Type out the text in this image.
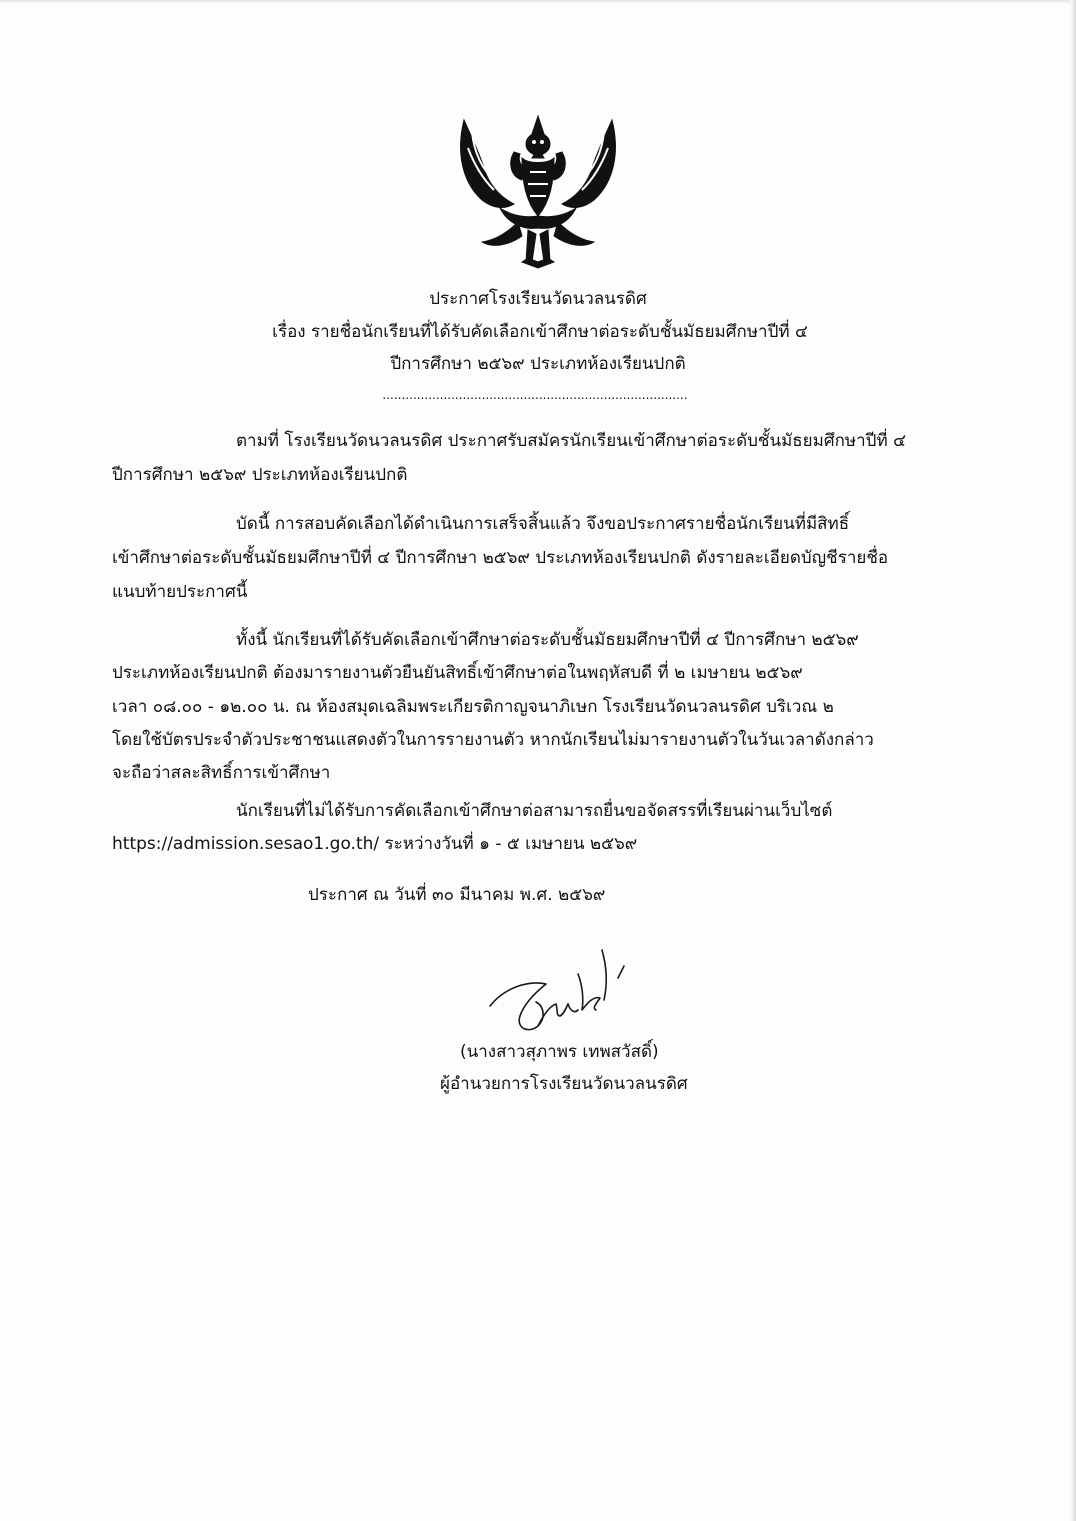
ประกาศโรงเรียนวัดนวลนรดิศ
เรื่อง รายชื่อนักเรียนที่ได้รับคัดเลือกเข้าศึกษาต่อระดับชั้นมัธยมศึกษาปีที่ ๔
ปีการศึกษา ๒๕๖๙ ประเภทห้องเรียนปกติ
................................................................................
ตามที่ โรงเรียนวัดนวลนรดิศ ประกาศรับสมัครนักเรียนเข้าศึกษาต่อระดับชั้นมัธยมศึกษาปีที่ ๔
ปีการศึกษา ๒๕๖๙ ประเภทห้องเรียนปกติ
บัดนี้ การสอบคัดเลือกได้ดำเนินการเสร็จสิ้นแล้ว จึงขอประกาศรายชื่อนักเรียนที่มีสิทธิ์
เข้าศึกษาต่อระดับชั้นมัธยมศึกษาปีที่ ๔ ปีการศึกษา ๒๕๖๙ ประเภทห้องเรียนปกติ ดังรายละเอียดบัญชีรายชื่อ
แนบท้ายประกาศนี้
ทั้งนี้ นักเรียนที่ได้รับคัดเลือกเข้าศึกษาต่อระดับชั้นมัธยมศึกษาปีที่ ๔ ปีการศึกษา ๒๕๖๙
ประเภทห้องเรียนปกติ ต้องมารายงานตัวยืนยันสิทธิ์เข้าศึกษาต่อในพฤหัสบดี ที่ ๒ เมษายน ๒๕๖๙
เวลา ๐๘.๐๐ - ๑๒.๐๐ น. ณ ห้องสมุดเฉลิมพระเกียรติกาญจนาภิเษก โรงเรียนวัดนวลนรดิศ บริเวณ ๒
โดยใช้บัตรประจำตัวประชาชนแสดงตัวในการรายงานตัว หากนักเรียนไม่มารายงานตัวในวันเวลาดังกล่าว
จะถือว่าสละสิทธิ์การเข้าศึกษา
นักเรียนที่ไม่ได้รับการคัดเลือกเข้าศึกษาต่อสามารถยื่นขอจัดสรรที่เรียนผ่านเว็บไซต์
https://admission.sesao1.go.th/ ระหว่างวันที่ ๑ - ๕ เมษายน ๒๕๖๙
ประกาศ ณ วันที่ ๓๐ มีนาคม พ.ศ. ๒๕๖๙
(นางสาวสุภาพร เทพสวัสดิ์)
ผู้อำนวยการโรงเรียนวัดนวลนรดิศ
